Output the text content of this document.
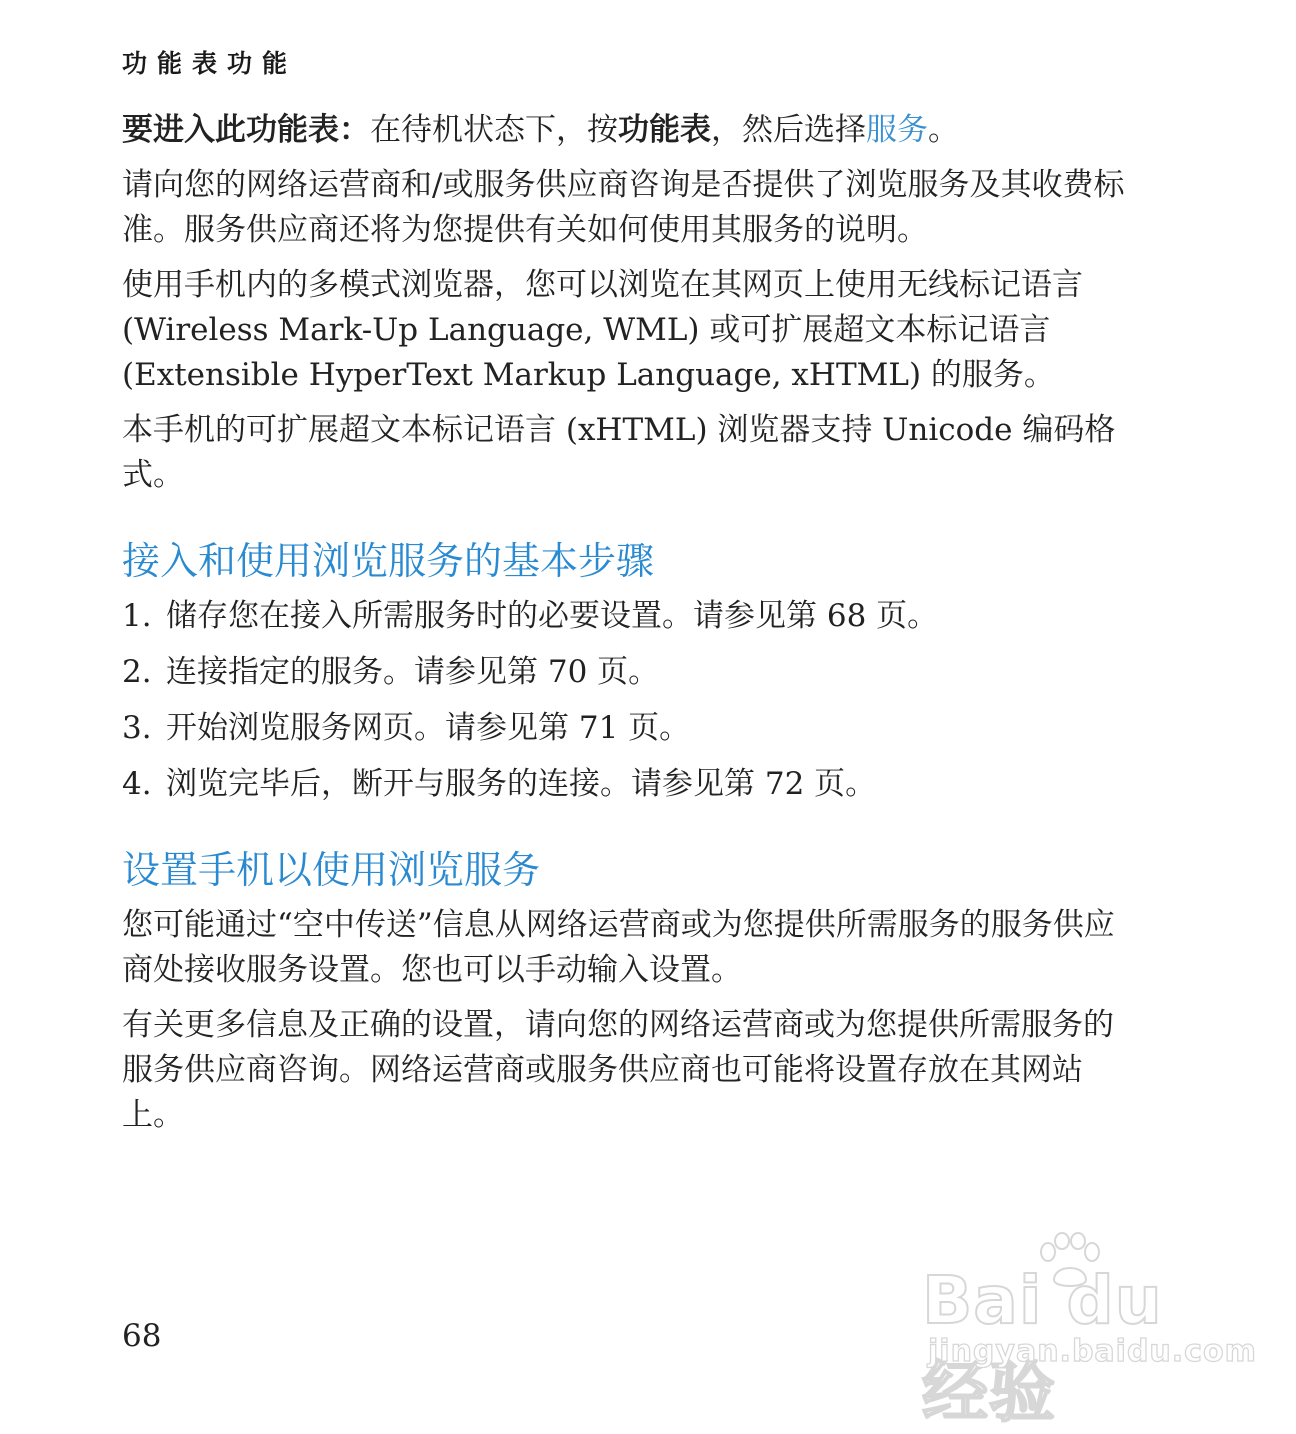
功能表功能

要进入此功能表：在待机状态下，按功能表，然后选择服务。

请向您的网络运营商和/或服务供应商咨询是否提供了浏览服务及其收费标准。服务供应商还将为您提供有关如何使用其服务的说明。

使用手机内的多模式浏览器，您可以浏览在其网页上使用无线标记语言 (Wireless Mark-Up Language, WML) 或可扩展超文本标记语言 (Extensible HyperText Markup Language, xHTML) 的服务。

本手机的可扩展超文本标记语言 (xHTML) 浏览器支持 Unicode 编码格式。

接入和使用浏览服务的基本步骤
1. 储存您在接入所需服务时的必要设置。请参见第 68 页。
2. 连接指定的服务。请参见第 70 页。
3. 开始浏览服务网页。请参见第 71 页。
4. 浏览完毕后，断开与服务的连接。请参见第 72 页。
设置手机以使用浏览服务

您可能通过“空中传送”信息从网络运营商或为您提供所需服务的服务供应商处接收服务设置。您也可以手动输入设置。

有关更多信息及正确的设置，请向您的网络运营商或为您提供所需服务的服务供应商咨询。网络运营商或服务供应商也可能将设置存放在其网站上。

68	Bai du 经验
jingyan.baidu.com
